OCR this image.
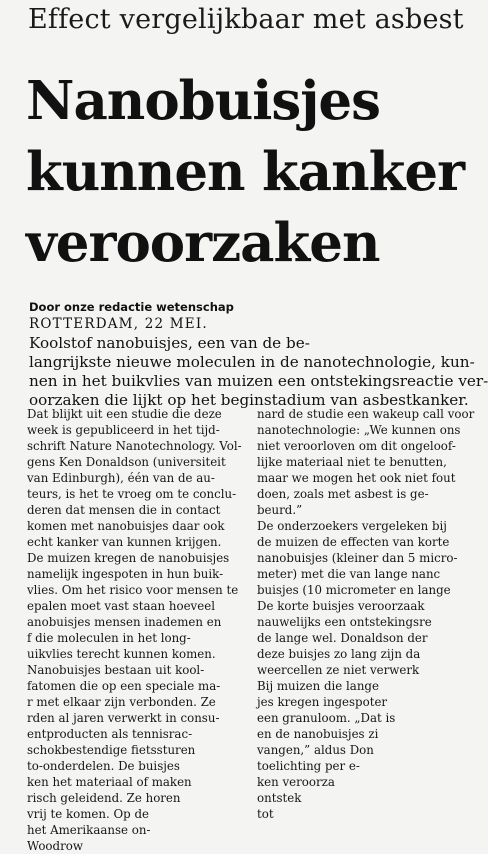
Effect vergelijkbaar met asbest
Nanobuisjes
kunnen kanker
veroorzaken
Door onze redactie wetenschap
ROTTERDAM, 22 MEI.
Koolstof nanobuisjes, een van de be-
langrijkste nieuwe moleculen in de nanotechnologie, kun-
nen in het buikvlies van muizen een ontstekingsreactie ver-
oorzaken die lijkt op het beginstadium van asbestkanker.
Dat blijkt uit een studie die deze
week is gepubliceerd in het tijd-
schrift Nature Nanotechnology. Vol-
gens Ken Donaldson (universiteit
van Edinburgh), één van de au-
teurs, is het te vroeg om te conclu-
deren dat mensen die in contact
komen met nanobuisjes daar ook
echt kanker van kunnen krijgen.
De muizen kregen de nanobuisjes
namelijk ingespoten in hun buik-
vlies. Om het risico voor mensen te
epalen moet vast staan hoeveel
anobuisjes mensen inademen en
f die moleculen in het long-
uikvlies terecht kunnen komen.
Nanobuisjes bestaan uit kool-
fatomen die op een speciale ma-
r met elkaar zijn verbonden. Ze
rden al jaren verwerkt in consu-
entproducten als tennisrac-
schokbestendige fietssturen
to-onderdelen. De buisjes
ken het materiaal of maken
risch geleidend. Ze horen
vrij te komen. Op de
het Amerikaanse on-
Woodrow
nard de studie een wakeup call voor
nanotechnologie: „We kunnen ons
niet veroorloven om dit ongeloof-
lijke materiaal niet te benutten,
maar we mogen het ook niet fout
doen, zoals met asbest is ge-
beurd.”
De onderzoekers vergeleken bij
de muizen de effecten van korte
nanobuisjes (kleiner dan 5 micro-
meter) met die van lange nanc
buisjes (10 micrometer en lange
De korte buisjes veroorzaak
nauwelijks een ontstekingsre
de lange wel. Donaldson der
deze buisjes zo lang zijn da
weercellen ze niet verwerk
Bij muizen die lange
jes kregen ingespoter
een granuloom. „Dat is
en de nanobuisjes zi
vangen,” aldus Don
toelichting per e-
ken veroorza
ontstek
tot
